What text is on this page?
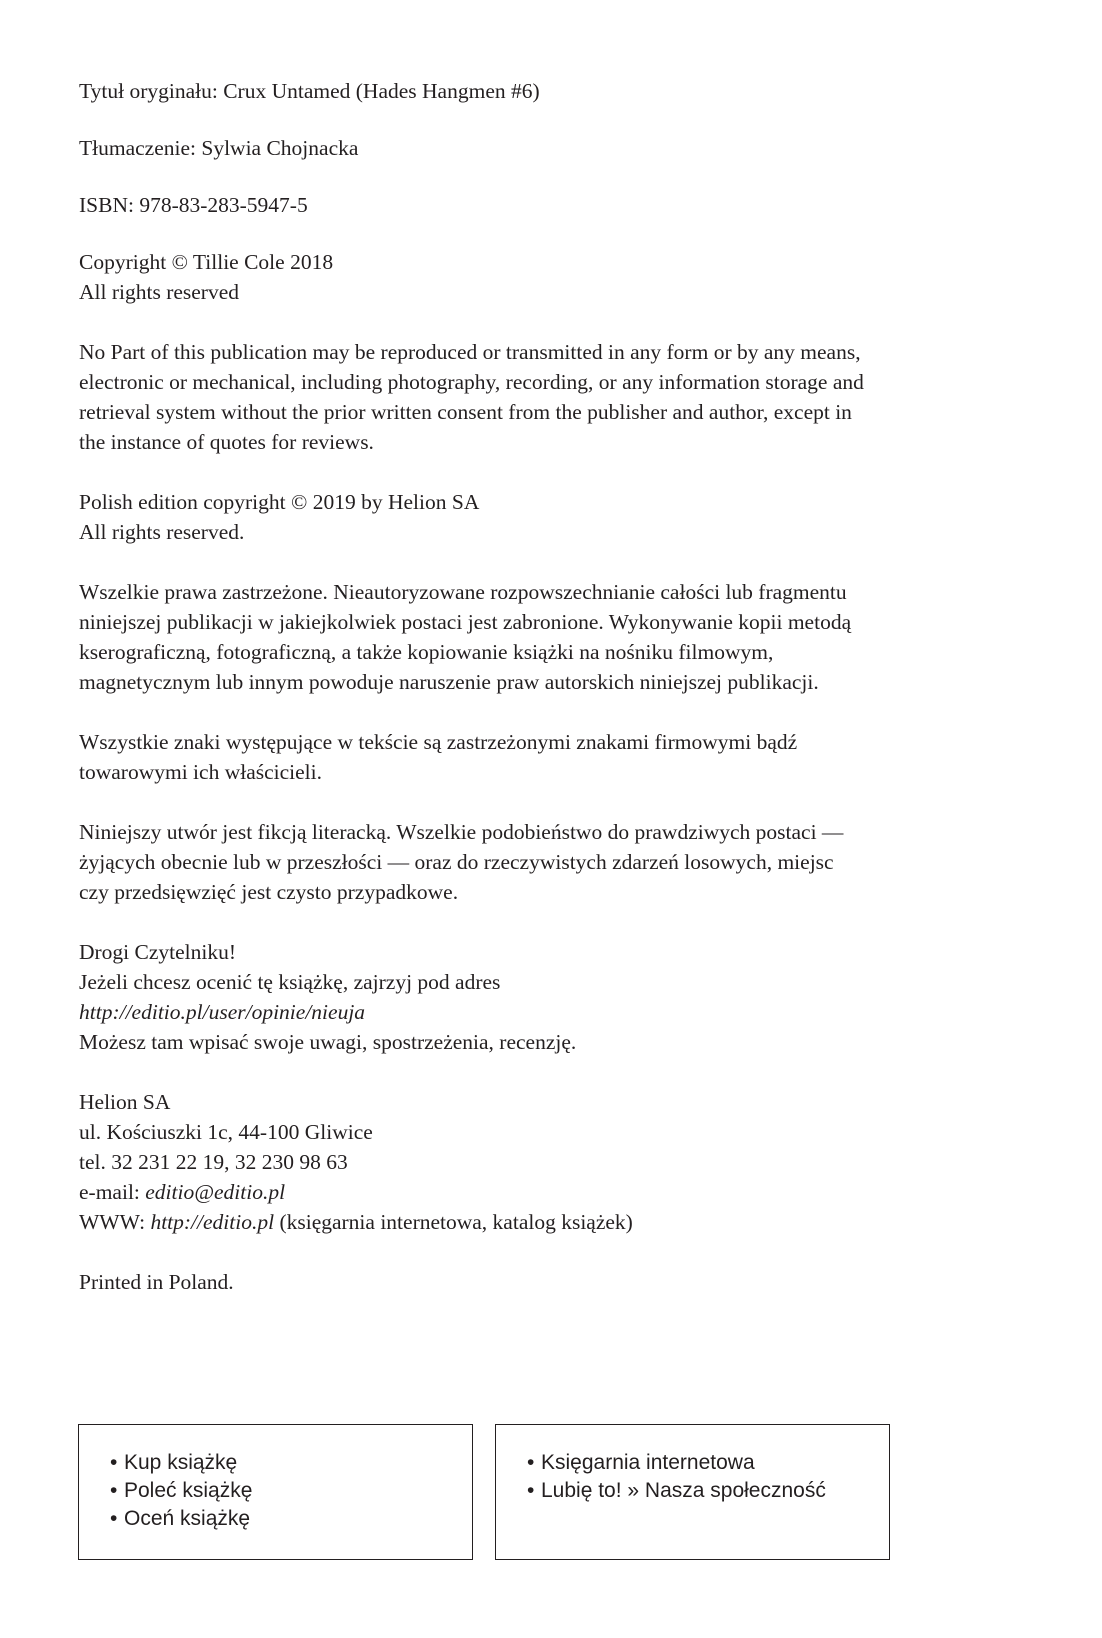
Tytuł oryginału: Crux Untamed (Hades Hangmen #6)

Tłumaczenie: Sylwia Chojnacka

ISBN: 978-83-283-5947-5

Copyright © Tillie Cole 2018
All rights reserved

No Part of this publication may be reproduced or transmitted in any form or by any means,
electronic or mechanical, including photography, recording, or any information storage and
retrieval system without the prior written consent from the publisher and author, except in
the instance of quotes for reviews.

Polish edition copyright © 2019 by Helion SA
All rights reserved.

Wszelkie prawa zastrzeżone. Nieautoryzowane rozpowszechnianie całości lub fragmentu
niniejszej publikacji w jakiejkolwiek postaci jest zabronione. Wykonywanie kopii metodą
kserograficzną, fotograficzną, a także kopiowanie książki na nośniku filmowym,
magnetycznym lub innym powoduje naruszenie praw autorskich niniejszej publikacji.

Wszystkie znaki występujące w tekście są zastrzeżonymi znakami firmowymi bądź
towarowymi ich właścicieli.

Niniejszy utwór jest fikcją literacką. Wszelkie podobieństwo do prawdziwych postaci —
żyjących obecnie lub w przeszłości — oraz do rzeczywistych zdarzeń losowych, miejsc
czy przedsięwzięć jest czysto przypadkowe.

Drogi Czytelniku!
Jeżeli chcesz ocenić tę książkę, zajrzyj pod adres
http://editio.pl/user/opinie/nieuja
Możesz tam wpisać swoje uwagi, spostrzeżenia, recenzję.

Helion SA
ul. Kościuszki 1c, 44-100 Gliwice
tel. 32 231 22 19, 32 230 98 63
e-mail: editio@editio.pl
WWW: http://editio.pl (księgarnia internetowa, katalog książek)

Printed in Poland.

• Kup książkę
• Poleć książkę
• Oceń książkę
• Księgarnia internetowa
• Lubię to! » Nasza społeczność
